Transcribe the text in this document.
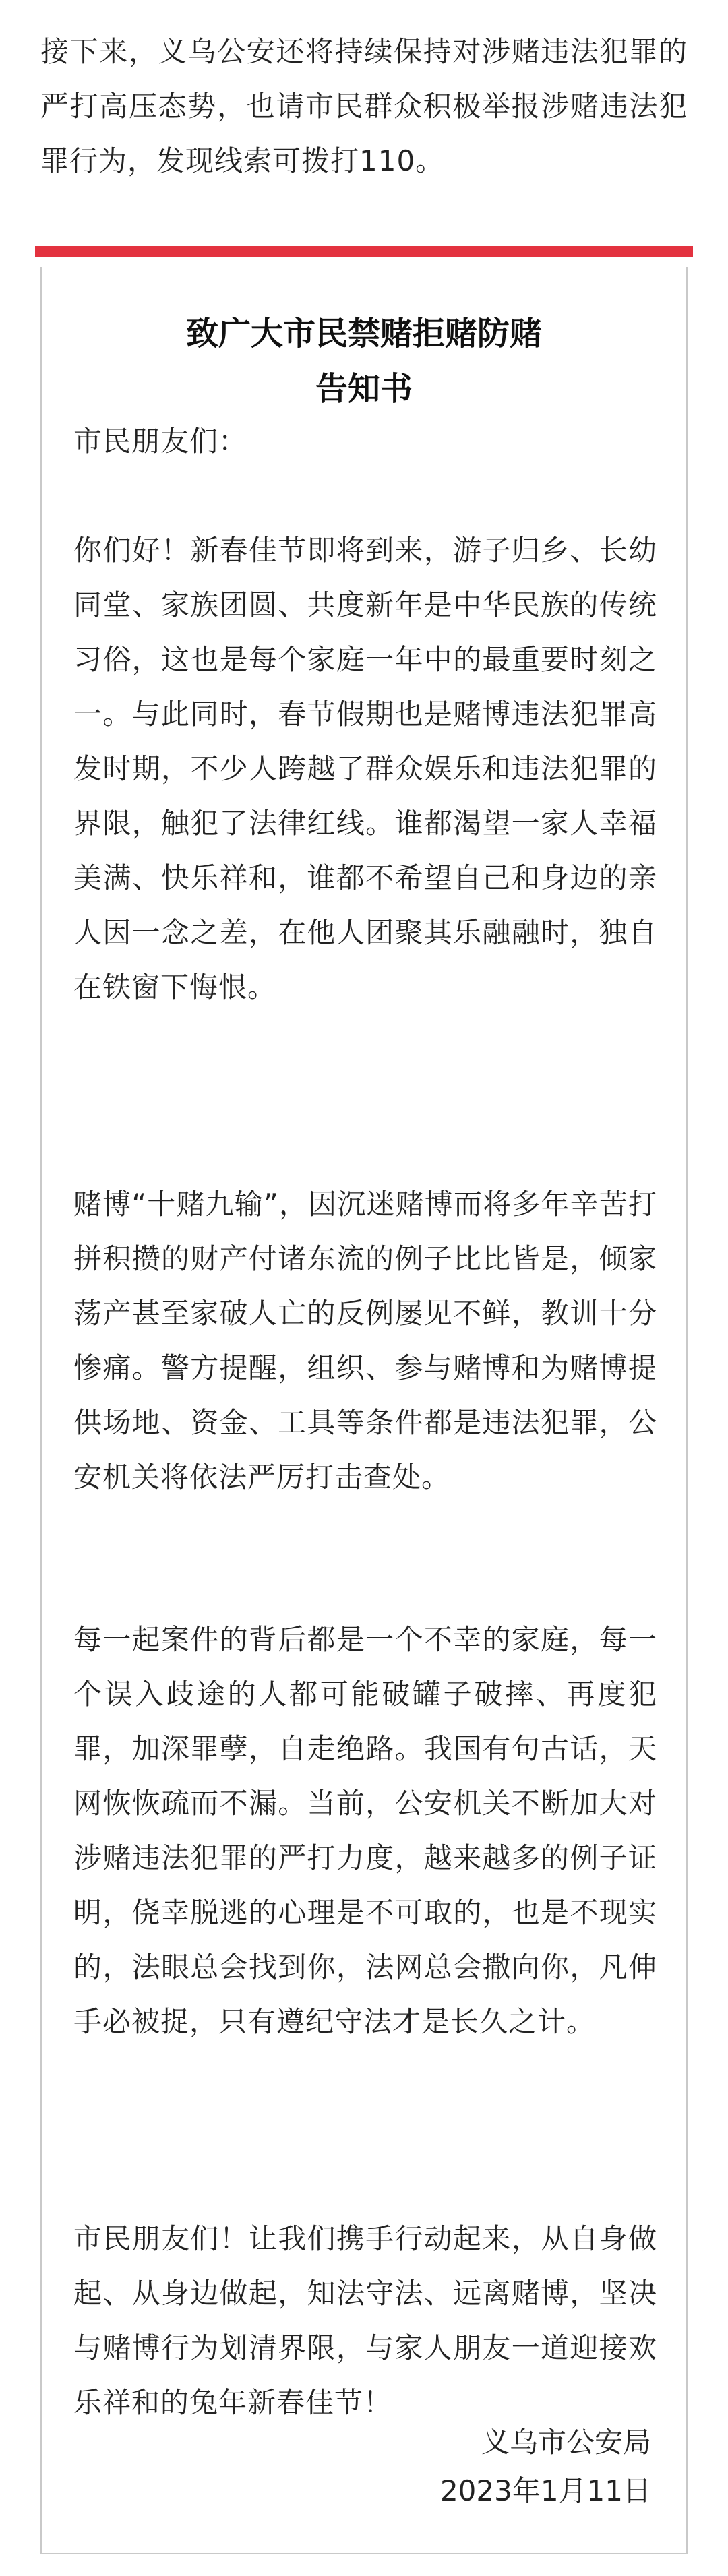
接下来，义乌公安还将持续保持对涉赌违法犯罪的严打高压态势，也请市民群众积极举报涉赌违法犯罪行为，发现线索可拨打110。

致广大市民禁赌拒赌防赌
告知书

市民朋友们：

你们好！新春佳节即将到来，游子归乡、长幼同堂、家族团圆、共度新年是中华民族的传统习俗，这也是每个家庭一年中的最重要时刻之一。与此同时，春节假期也是赌博违法犯罪高发时期，不少人跨越了群众娱乐和违法犯罪的界限，触犯了法律红线。谁都渴望一家人幸福美满、快乐祥和，谁都不希望自己和身边的亲人因一念之差，在他人团聚其乐融融时，独自在铁窗下悔恨。

赌博“十赌九输”，因沉迷赌博而将多年辛苦打拼积攒的财产付诸东流的例子比比皆是，倾家荡产甚至家破人亡的反例屡见不鲜，教训十分惨痛。警方提醒，组织、参与赌博和为赌博提供场地、资金、工具等条件都是违法犯罪，公安机关将依法严厉打击查处。

每一起案件的背后都是一个不幸的家庭，每一个误入歧途的人都可能破罐子破摔、再度犯罪，加深罪孽，自走绝路。我国有句古话，天网恢恢疏而不漏。当前，公安机关不断加大对涉赌违法犯罪的严打力度，越来越多的例子证明，侥幸脱逃的心理是不可取的，也是不现实的，法眼总会找到你，法网总会撒向你，凡伸手必被捉，只有遵纪守法才是长久之计。

市民朋友们！让我们携手行动起来，从自身做起、从身边做起，知法守法、远离赌博，坚决与赌博行为划清界限，与家人朋友一道迎接欢乐祥和的兔年新春佳节！

义乌市公安局
2023年1月11日
